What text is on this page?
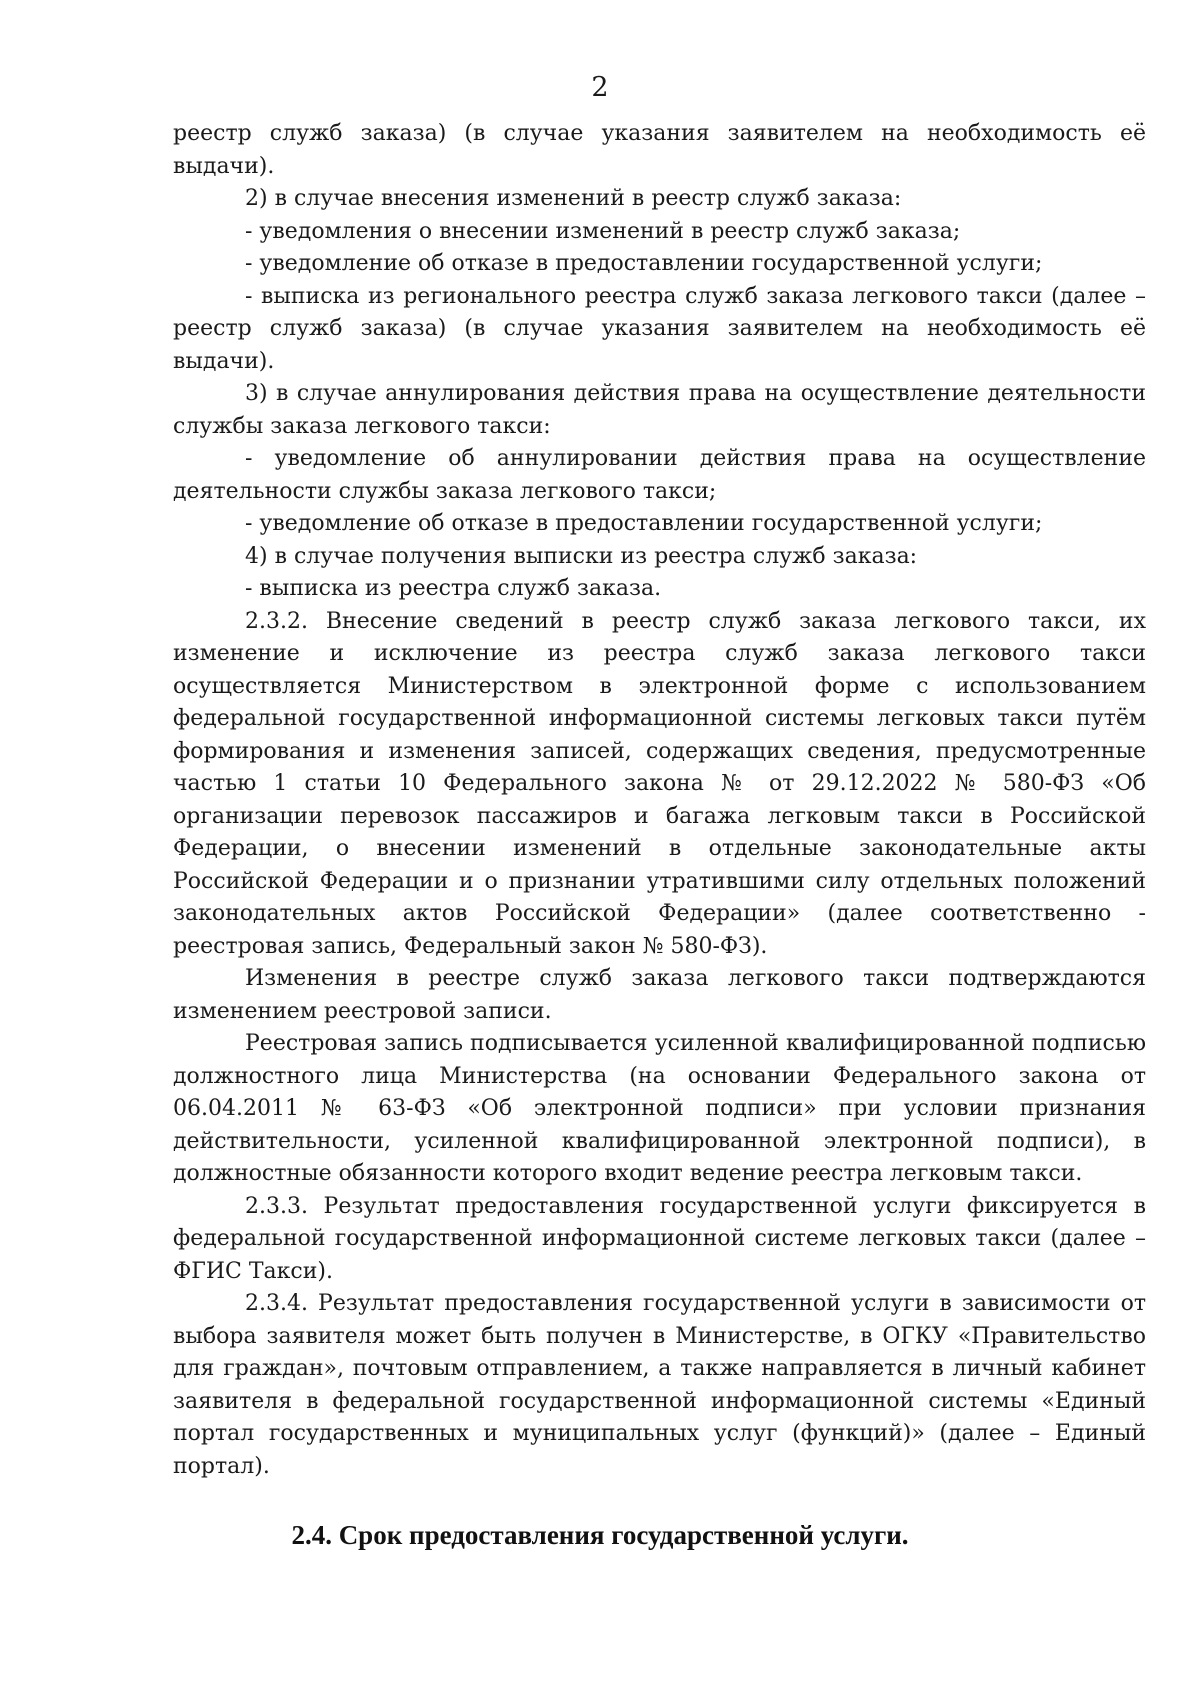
2

реестр служб заказа) (в случае указания заявителем на необходимость её выдачи).

2) в случае внесения изменений в реестр служб заказа:

- уведомления о внесении изменений в реестр служб заказа;

- уведомление об отказе в предоставлении государственной услуги;

- выписка из регионального реестра служб заказа легкового такси (далее – реестр служб заказа) (в случае указания заявителем на необходимость её выдачи).

3) в случае аннулирования действия права на осуществление деятельности службы заказа легкового такси:

- уведомление об аннулировании действия права на осуществление деятельности службы заказа легкового такси;

- уведомление об отказе в предоставлении государственной услуги;

4) в случае получения выписки из реестра служб заказа:

- выписка из реестра служб заказа.

2.3.2. Внесение сведений в реестр служб заказа легкового такси, их изменение и исключение из реестра служб заказа легкового такси осуществляется Министерством в электронной форме с использованием федеральной государственной информационной системы легковых такси путём формирования и изменения записей, содержащих сведения, предусмотренные частью 1 статьи 10 Федерального закона № от 29.12.2022 № 580-ФЗ «Об организации перевозок пассажиров и багажа легковым такси в Российской Федерации, о внесении изменений в отдельные законодательные акты Российской Федерации и о признании утратившими силу отдельных положений законодательных актов Российской Федерации» (далее соответственно - реестровая запись, Федеральный закон № 580-ФЗ).

Изменения в реестре служб заказа легкового такси подтверждаются изменением реестровой записи.

Реестровая запись подписывается усиленной квалифицированной подписью должностного лица Министерства (на основании Федерального закона от 06.04.2011 № 63-ФЗ «Об электронной подписи» при условии признания действительности, усиленной квалифицированной электронной подписи), в должностные обязанности которого входит ведение реестра легковым такси.

2.3.3. Результат предоставления государственной услуги фиксируется в федеральной государственной информационной системе легковых такси (далее – ФГИС Такси).

2.3.4. Результат предоставления государственной услуги в зависимости от выбора заявителя может быть получен в Министерстве, в ОГКУ «Правительство для граждан», почтовым отправлением, а также направляется в личный кабинет заявителя в федеральной государственной информационной системы «Единый портал государственных и муниципальных услуг (функций)» (далее – Единый портал).

2.4. Срок предоставления государственной услуги.
